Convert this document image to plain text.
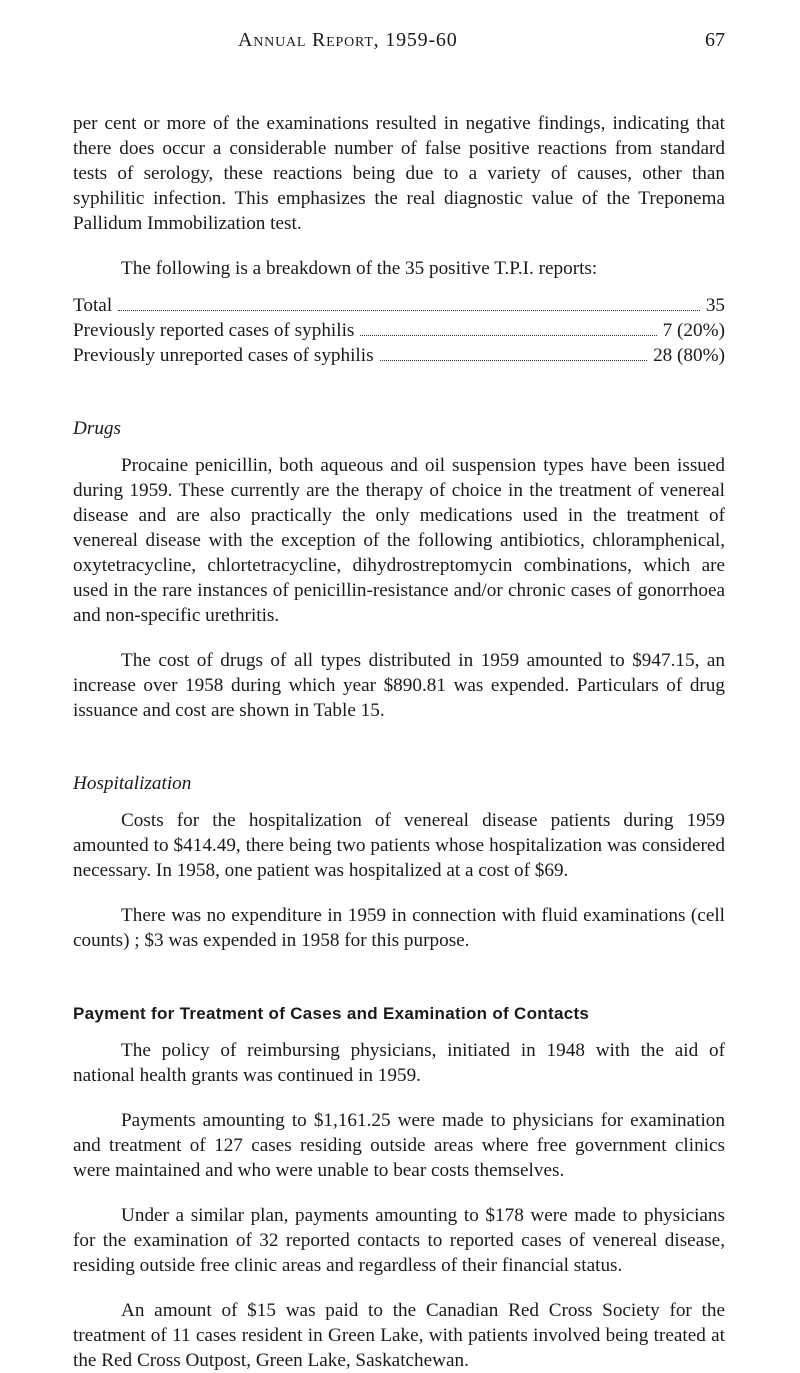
Annual Report, 1959-60	67

per cent or more of the examinations resulted in negative findings, indicating that there does occur a considerable number of false positive reactions from standard tests of serology, these reactions being due to a variety of causes, other than syphilitic infection. This emphasizes the real diagnostic value of the Treponema Pallidum Immobilization test.

The following is a breakdown of the 35 positive T.P.I. reports:

Total	35
Previously reported cases of syphilis	7 (20%)
Previously unreported cases of syphilis	28 (80%)
Drugs

Procaine penicillin, both aqueous and oil suspension types have been issued during 1959. These currently are the therapy of choice in the treatment of venereal disease and are also practically the only medications used in the treatment of venereal disease with the exception of the following antibiotics, chloramphenical, oxytetracycline, chlortetracycline, dihydrostreptomycin combinations, which are used in the rare instances of penicillin-resistance and/or chronic cases of gonorrhoea and non-specific urethritis.

The cost of drugs of all types distributed in 1959 amounted to $947.15, an increase over 1958 during which year $890.81 was expended. Particulars of drug issuance and cost are shown in Table 15.

Hospitalization

Costs for the hospitalization of venereal disease patients during 1959 amounted to $414.49, there being two patients whose hospitalization was considered necessary. In 1958, one patient was hospitalized at a cost of $69.

There was no expenditure in 1959 in connection with fluid examinations (cell counts) ; $3 was expended in 1958 for this purpose.

Payment for Treatment of Cases and Examination of Contacts

The policy of reimbursing physicians, initiated in 1948 with the aid of national health grants was continued in 1959.

Payments amounting to $1,161.25 were made to physicians for examination and treatment of 127 cases residing outside areas where free government clinics were maintained and who were unable to bear costs themselves.

Under a similar plan, payments amounting to $178 were made to physicians for the examination of 32 reported contacts to reported cases of venereal disease, residing outside free clinic areas and regardless of their financial status.

An amount of $15 was paid to the Canadian Red Cross Society for the treatment of 11 cases resident in Green Lake, with patients involved being treated at the Red Cross Outpost, Green Lake, Saskatchewan.
